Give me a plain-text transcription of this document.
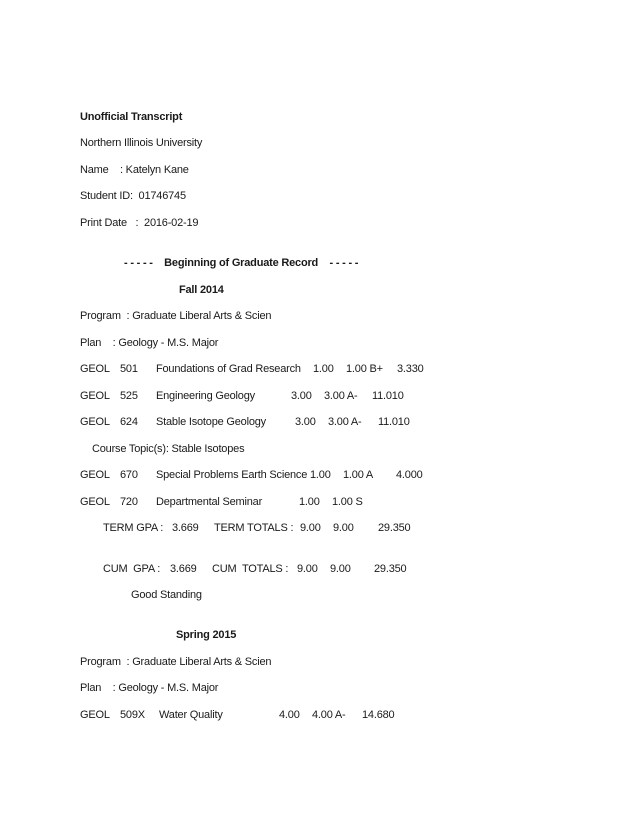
Unofficial Transcript
Northern Illinois University
Name    : Katelyn Kane
Student ID:  01746745
Print Date   :  2016-02-19
- - - - -    Beginning of Graduate Record    - - - - -
Fall 2014
Program  : Graduate Liberal Arts & Scien
Plan    : Geology - M.S. Major
GEOL 501 Foundations of Grad Research 1.00 1.00 B+ 3.330
GEOL 525 Engineering Geology	3.00 3.00 A- 11.010
GEOL 624 Stable Isotope Geology	3.00 3.00 A- 11.010
Course Topic(s): Stable Isotopes
GEOL 670 Special Problems Earth Science 1.00 1.00 A 4.000
GEOL 720 Departmental Seminar	1.00 1.00 S
TERM GPA : 3.669 TERM TOTALS : 9.00 9.00 29.350
CUM  GPA : 3.669 CUM  TOTALS : 9.00 9.00 29.350
Good Standing
Spring 2015
Program  : Graduate Liberal Arts & Scien
Plan    : Geology - M.S. Major
GEOL 509X Water Quality	4.00 4.00 A- 14.680
